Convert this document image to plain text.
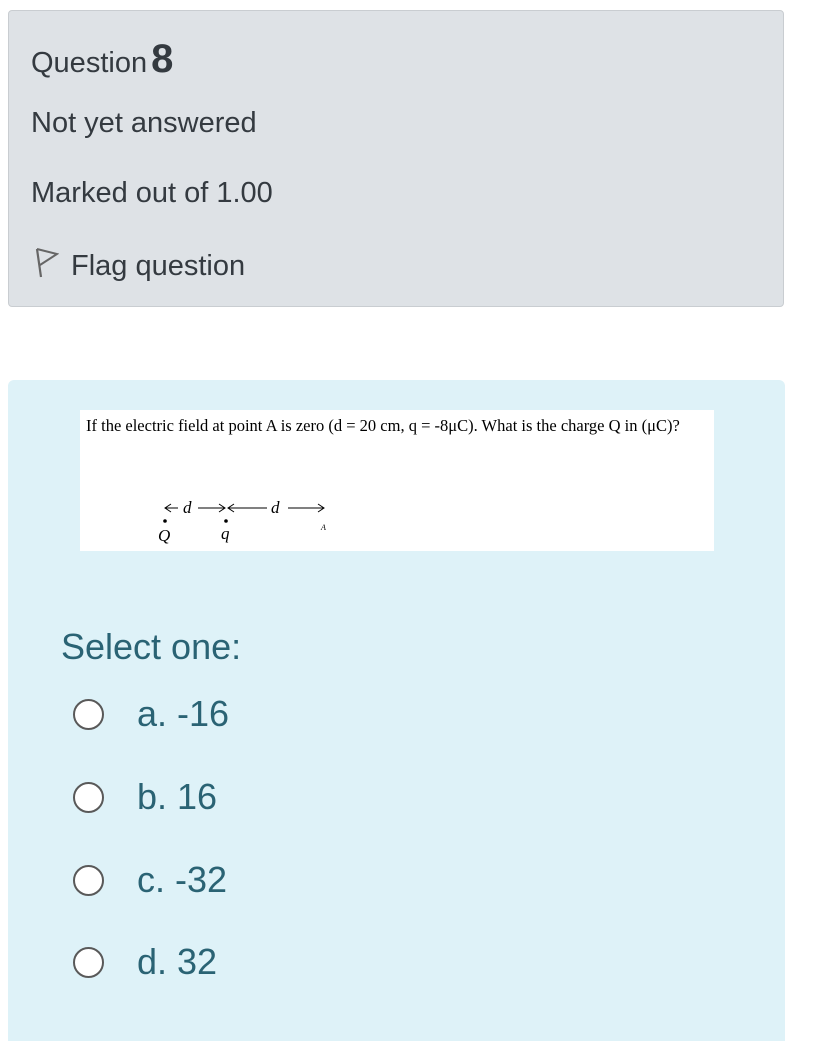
Question 8
Not yet answered
Marked out of 1.00
Flag question
If the electric field at point A is zero (d = 20 cm, q = -8μC). What is the charge Q in (μC)?
d	d
Q	q	A
Select one:
a. -16
b. 16
c. -32
d. 32
